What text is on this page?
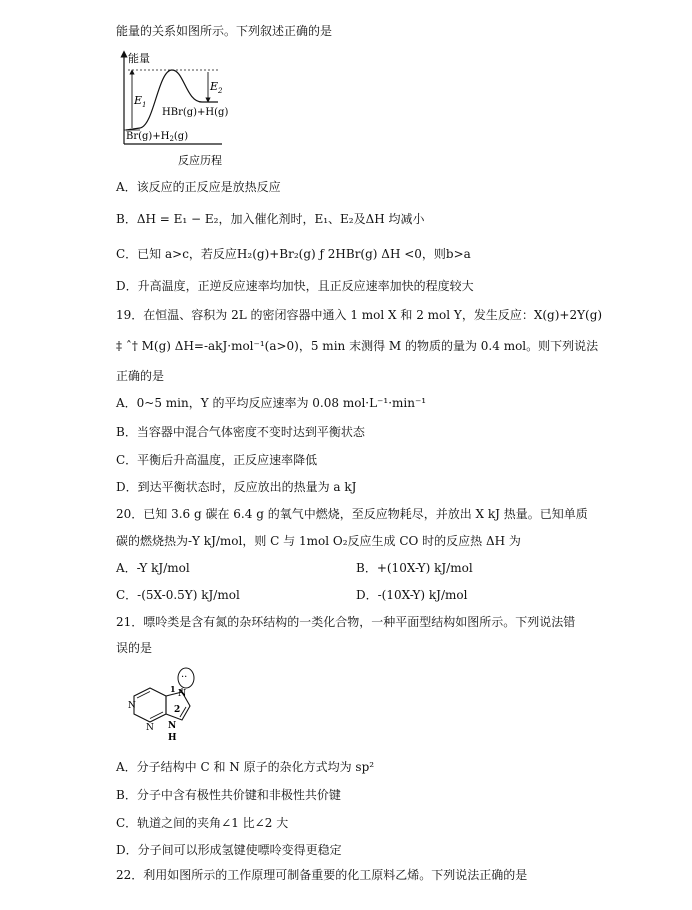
能量的关系如图所示。下列叙述正确的是
能量
$E_1$
$E_2$
HBr(g)+H(g)
$Br(g)+H_2(g)$
反应历程
A．该反应的正反应是放热反应
B．ΔH = E₁ − E₂，加入催化剂时，E₁、E₂及ΔH 均减小
C．已知 a>c，若反应H₂(g)+Br₂(g) ƒ 2HBr(g) ΔH <0，则b>a
D．升高温度，正逆反应速率均加快，且正反应速率加快的程度较大
19．在恒温、容积为 2L 的密闭容器中通入 1 mol X 和 2 mol Y，发生反应：X(g)+2Y(g)
‡ ˆ† M(g) ΔH=-akJ·mol⁻¹(a>0)，5 min 末测得 M 的物质的量为 0.4 mol。则下列说法
正确的是
A．0~5 min，Y 的平均反应速率为 0.08 mol·L⁻¹·min⁻¹
B．当容器中混合气体密度不变时达到平衡状态
C．平衡后升高温度，正反应速率降低
D．到达平衡状态时，反应放出的热量为 a kJ
20．已知 3.6 g 碳在 6.4 g 的氧气中燃烧，至反应物耗尽，并放出 X kJ 热量。已知单质
碳的燃烧热为-Y kJ/mol，则 C 与 1mol O₂反应生成 CO 时的反应热 ΔH 为
A．-Y kJ/mol	B．+(10X-Y) kJ/mol
C．-(5X-0.5Y) kJ/mol	D．-(10X-Y) kJ/mol
21．嘌呤类是含有氮的杂环结构的一类化合物，一种平面型结构如图所示。下列说法错
误的是
N
N
N
N
H
1
2
··
A．分子结构中 C 和 N 原子的杂化方式均为 sp²
B．分子中含有极性共价键和非极性共价键
C．轨道之间的夹角∠1 比∠2 大
D．分子间可以形成氢键使嘌呤变得更稳定
22．利用如图所示的工作原理可制备重要的化工原料乙烯。下列说法正确的是
